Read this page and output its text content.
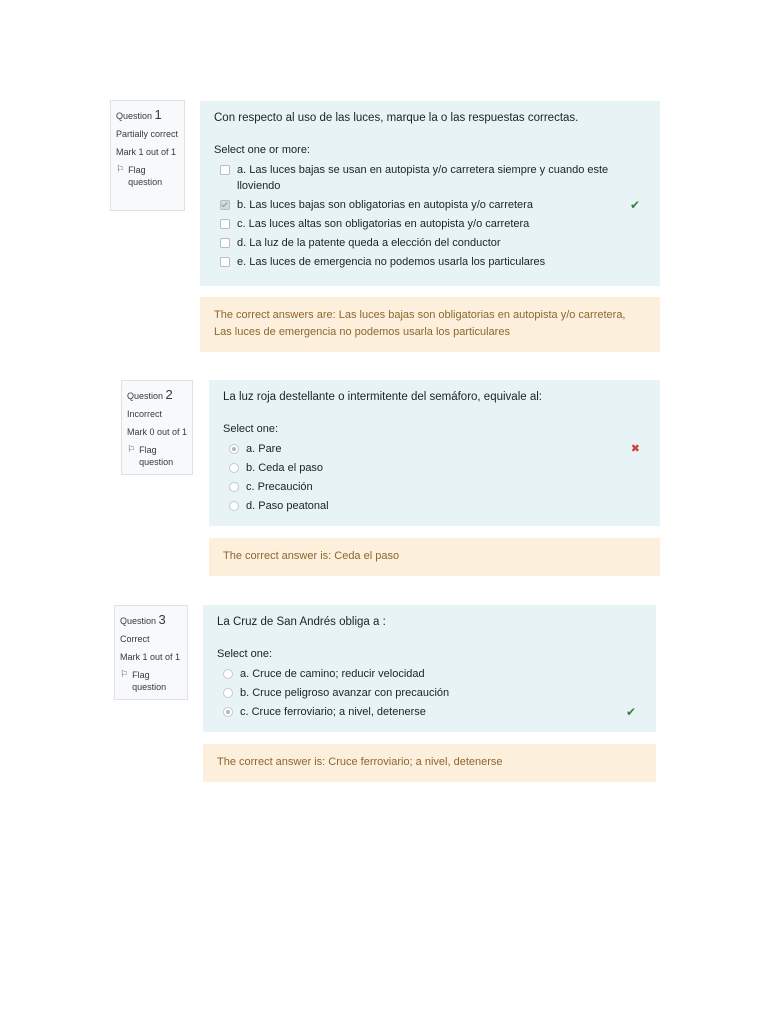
Question 1
Partially correct
Mark 1 out of 1
⚐ Flag question
Con respecto al uso de las luces, marque la o las respuestas correctas.
Select one or more:
a. Las luces bajas se usan en autopista y/o carretera siempre y cuando este lloviendo
b. Las luces bajas son obligatorias en autopista y/o carretera	✔
c. Las luces altas son obligatorias en autopista y/o carretera
d. La luz de la patente queda a elección del conductor
e. Las luces de emergencia no podemos usarla los particulares
The correct answers are: Las luces bajas son obligatorias en autopista y/o carretera, Las luces de emergencia no podemos usarla los particulares
Question 2
Incorrect
Mark 0 out of 1
⚐ Flag question
La luz roja destellante o intermitente del semáforo, equivale al:
Select one:
a. Pare	✖
b. Ceda el paso
c. Precaución
d. Paso peatonal
The correct answer is: Ceda el paso
Question 3
Correct
Mark 1 out of 1
⚐ Flag question
La Cruz de San Andrés obliga a :
Select one:
a. Cruce de camino; reducir velocidad
b. Cruce peligroso avanzar con precaución
c. Cruce ferroviario; a nivel, detenerse	✔
The correct answer is: Cruce ferroviario; a nivel, detenerse
